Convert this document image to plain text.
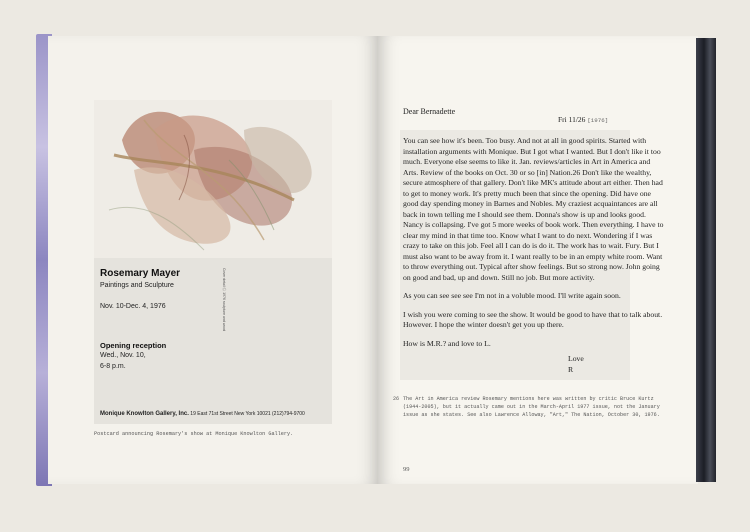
Rosemary Mayer
Paintings and Sculpture
Nov. 10-Dec. 4, 1976
Opening reception
Wed., Nov. 10,
6-8 p.m.
Cover detail Ⓒ 1976 sculpture and wood
Monique Knowlton Gallery, Inc. 19 East 71st Street New York 10021 (212)794-9700
Postcard announcing Rosemary's show at Monique Knowlton Gallery.
Dear Bernadette
Fri 11/26 [1976]

You can see how it's been. Too busy. And not at all in good spirits. Started with installation arguments with Monique. But I got what I wanted. But I don't like it too much. Everyone else seems to like it. Jan. reviews/articles in Art in America and Arts. Review of the books on Oct. 30 or so [in] Nation.26 Don't like the wealthy, secure atmosphere of that gallery. Don't like MK's attitude about art either. Then had to get to money work. It's pretty much been that since the opening. Did have one good day spending money in Barnes and Nobles. My craziest acquaintances are all back in town telling me I should see them. Donna's show is up and looks good. Nancy is collapsing. I've got 5 more weeks of book work. Then everything. I have to clear my mind in that time too. Know what I want to do next. Wondering if I was crazy to take on this job. Feel all I can do is do it. The work has to wait. Fury. But I must also want to be away from it. I want really to be in an empty white room. Want to throw everything out. Typical after show feelings. But so strong now. John going on good and bad, up and down. Still no job. But more activity.

As you can see see see I'm not in a voluble mood. I'll write again soon.

I wish you were coming to see the show. It would be good to have that to talk about. However. I hope the winter doesn't get you up there.

How is M.R.? and love to L.

Love
R
26 The Art in America review Rosemary mentions here was written by critic Bruce Kurtz (1944-2005), but it actually came out in the March-April 1977 issue, not the January issue as she states. See also Lawrence Alloway, "Art," The Nation, October 30, 1976.
99
